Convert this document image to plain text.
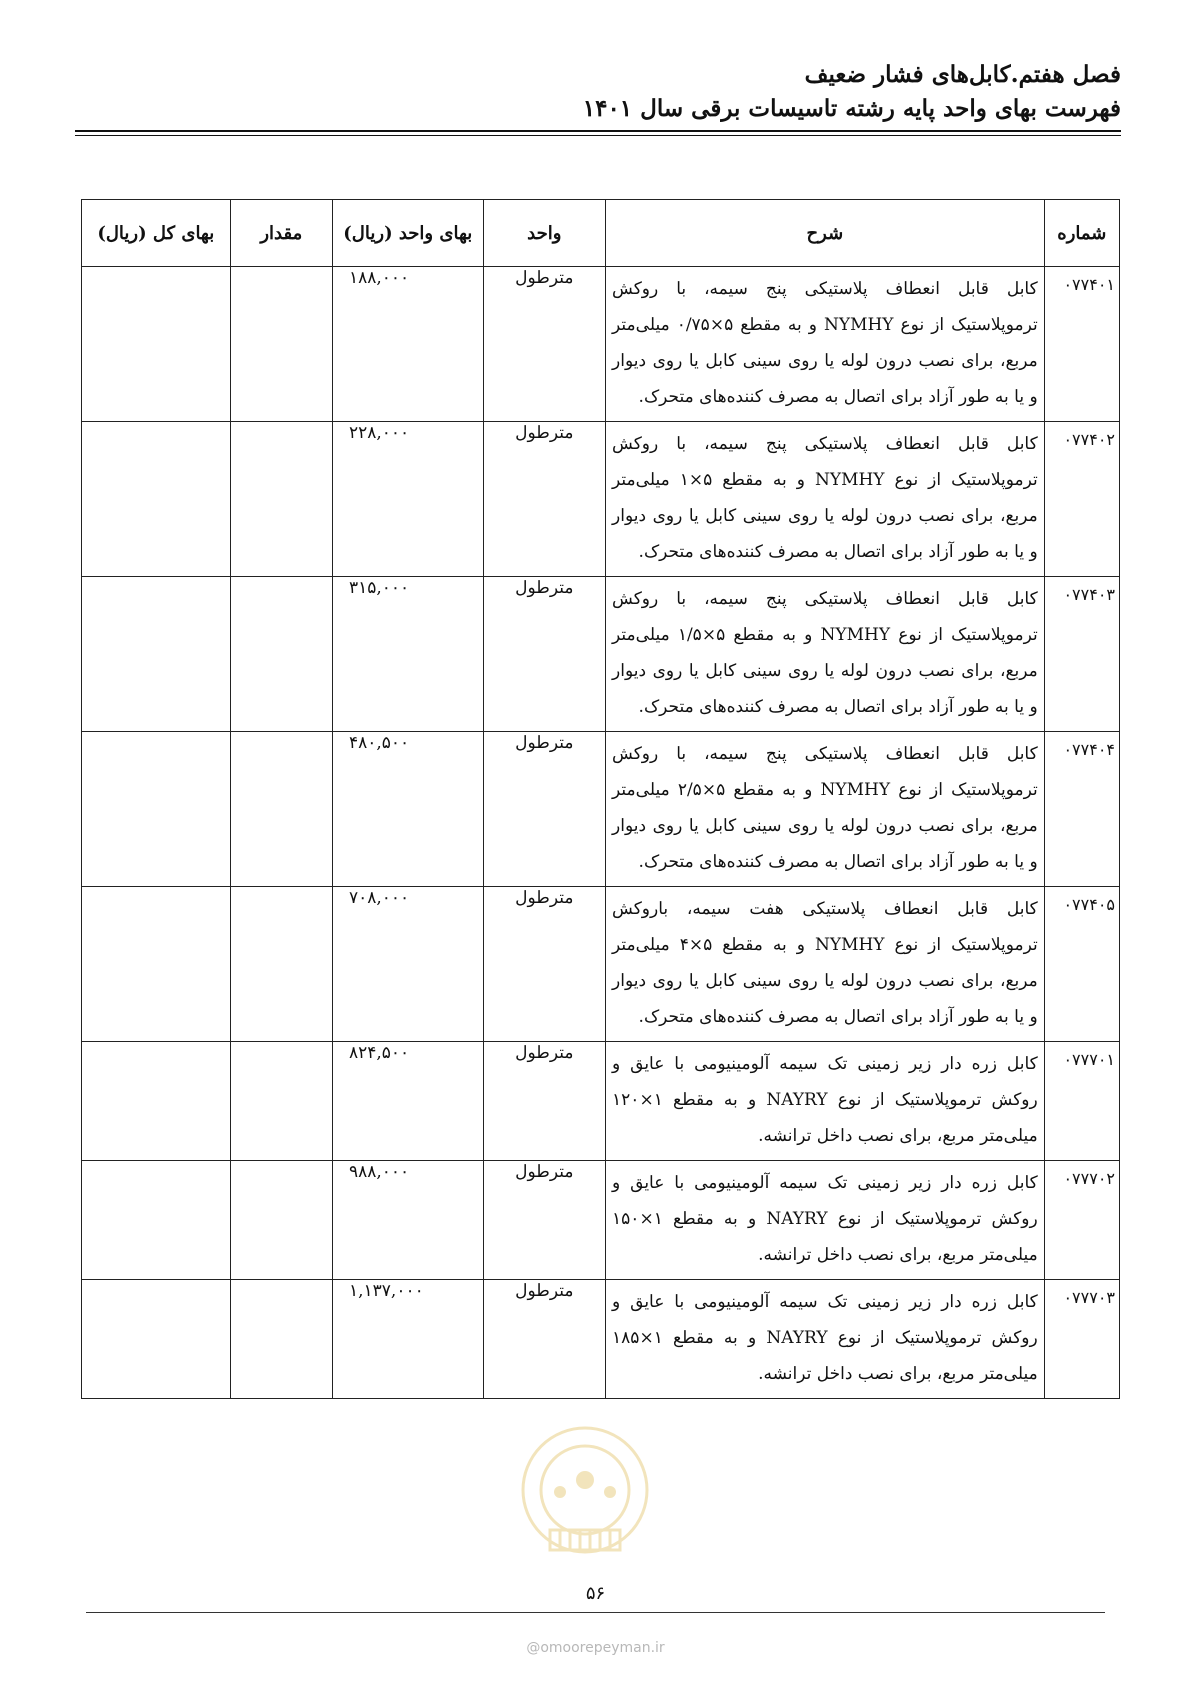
فصل هفتم.کابل‌های فشار ضعیف
فهرست بهای واحد پایه رشته تاسیسات برقی سال ۱۴۰۱
شماره	شرح	واحد	بهای واحد (ریال)	مقدار	بهای کل (ریال)
۰۷۷۴۰۱	کابل قابل انعطاف پلاستیکی پنج سیمه، با روکش ترموپلاستیک از نوع NYMHY و به مقطع ۵×۰/۷۵ میلی‌متر مربع، برای نصب درون لوله یا روی سینی کابل یا روی دیوار و یا به طور آزاد برای اتصال به مصرف کننده‌های متحرک.	مترطول	۱۸۸,۰۰۰		
۰۷۷۴۰۲	کابل قابل انعطاف پلاستیکی پنج سیمه، با روکش ترموپلاستیک از نوع NYMHY و به مقطع ۵×۱ میلی‌متر مربع، برای نصب درون لوله یا روی سینی کابل یا روی دیوار و یا به طور آزاد برای اتصال به مصرف کننده‌های متحرک.	مترطول	۲۲۸,۰۰۰		
۰۷۷۴۰۳	کابل قابل انعطاف پلاستیکی پنج سیمه، با روکش ترموپلاستیک از نوع NYMHY و به مقطع ۵×۱/۵ میلی‌متر مربع، برای نصب درون لوله یا روی سینی کابل یا روی دیوار و یا به طور آزاد برای اتصال به مصرف کننده‌های متحرک.	مترطول	۳۱۵,۰۰۰		
۰۷۷۴۰۴	کابل قابل انعطاف پلاستیکی پنج سیمه، با روکش ترموپلاستیک از نوع NYMHY و به مقطع ۵×۲/۵ میلی‌متر مربع، برای نصب درون لوله یا روی سینی کابل یا روی دیوار و یا به طور آزاد برای اتصال به مصرف کننده‌های متحرک.	مترطول	۴۸۰,۵۰۰		
۰۷۷۴۰۵	کابل قابل انعطاف پلاستیکی هفت سیمه، باروکش ترموپلاستیک از نوع NYMHY و به مقطع ۵×۴ میلی‌متر مربع، برای نصب درون لوله یا روی سینی کابل یا روی دیوار و یا به طور آزاد برای اتصال به مصرف کننده‌های متحرک.	مترطول	۷۰۸,۰۰۰		
۰۷۷۷۰۱	کابل زره دار زیر زمینی تک سیمه آلومینیومی با عایق و روکش ترموپلاستیک از نوع NAYRY و به مقطع ۱×۱۲۰ میلی‌متر مربع، برای نصب داخل ترانشه.	مترطول	۸۲۴,۵۰۰		
۰۷۷۷۰۲	کابل زره دار زیر زمینی تک سیمه آلومینیومی با عایق و روکش ترموپلاستیک از نوع NAYRY و به مقطع ۱×۱۵۰ میلی‌متر مربع، برای نصب داخل ترانشه.	مترطول	۹۸۸,۰۰۰		
۰۷۷۷۰۳	کابل زره دار زیر زمینی تک سیمه آلومینیومی با عایق و روکش ترموپلاستیک از نوع NAYRY و به مقطع ۱×۱۸۵ میلی‌متر مربع، برای نصب داخل ترانشه.	مترطول	۱,۱۳۷,۰۰۰		
۵۶
@omoorepeyman.ir
